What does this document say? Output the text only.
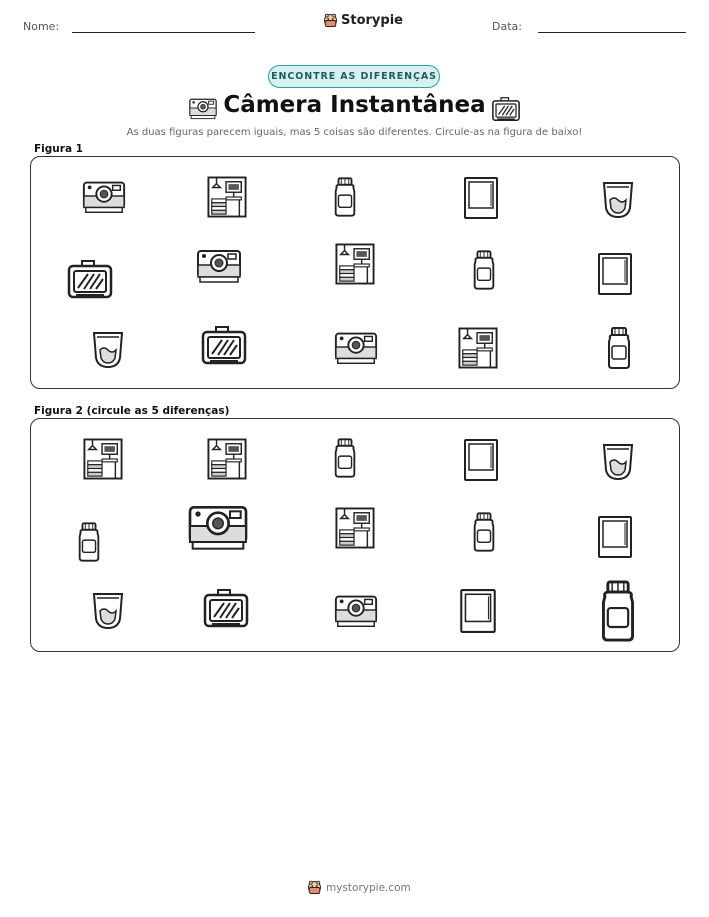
Nome:	Storypie	Data:
ENCONTRE AS DIFERENÇAS
Câmera Instantânea
As duas figuras parecem iguais, mas 5 coisas são diferentes. Circule-as na figura de baixo!
Figura 1
Figura 2 (circule as 5 diferenças)
mystorypie.com
